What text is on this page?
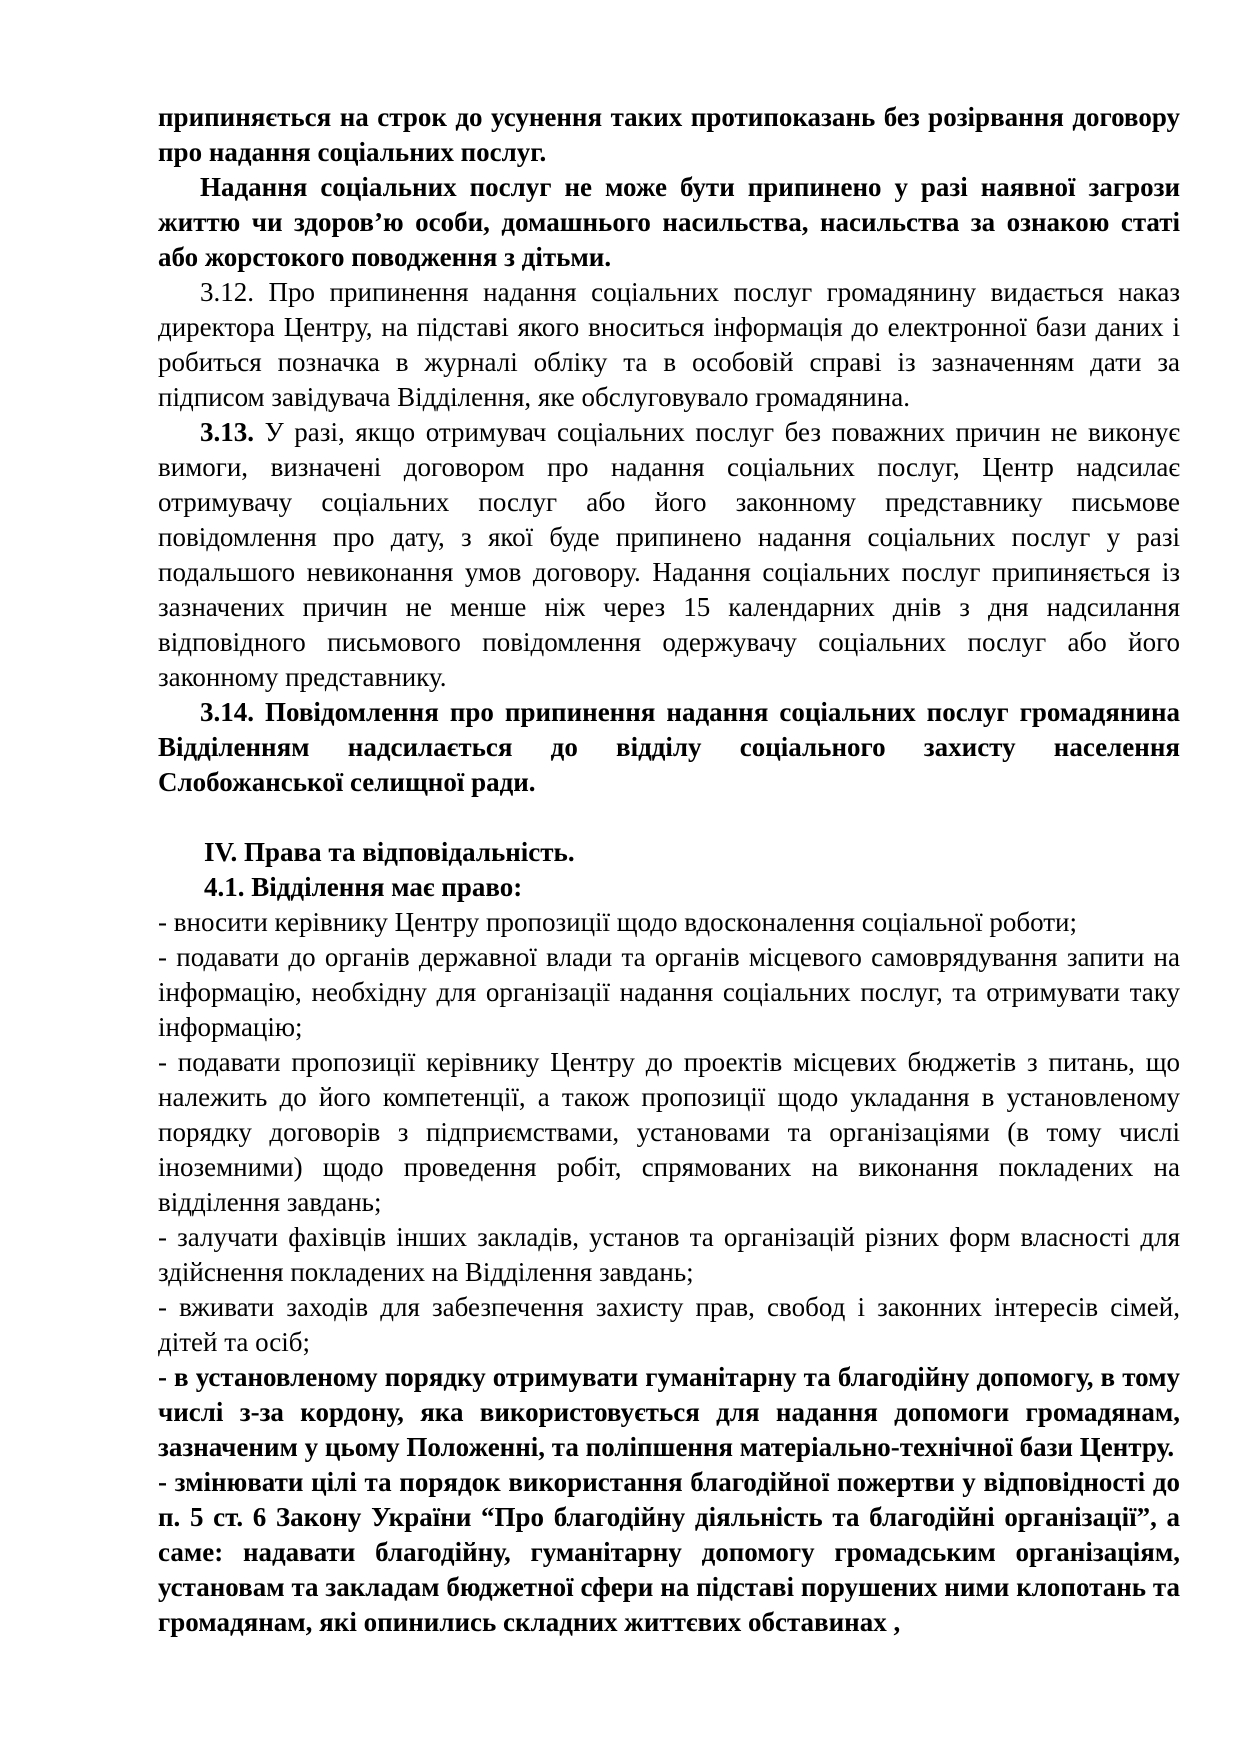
припиняється на строк до усунення таких протипоказань без розірвання договору про надання соціальних послуг.

Надання соціальних послуг не може бути припинено у разі наявної загрози життю чи здоров’ю особи, домашнього насильства, насильства за ознакою статі або жорстокого поводження з дітьми.

3.12. Про припинення надання соціальних послуг громадянину видається наказ директора Центру, на підставі якого вноситься інформація до електронної бази даних і робиться позначка в журналі обліку та в особовій справі із зазначенням дати за підписом завідувача Відділення, яке обслуговувало громадянина.

3.13. У разі, якщо отримувач соціальних послуг без поважних причин не виконує вимоги, визначені договором про надання соціальних послуг, Центр надсилає отримувачу соціальних послуг або його законному представнику письмове повідомлення про дату, з якої буде припинено надання соціальних послуг у разі подальшого невиконання умов договору. Надання соціальних послуг припиняється із зазначених причин не менше ніж через 15 календарних днів з дня надсилання відповідного письмового повідомлення одержувачу соціальних послуг або його законному представнику.

3.14. Повідомлення про припинення надання соціальних послуг громадянина Відділенням надсилається до відділу соціального захисту населення Слобожанської селищної ради.

IV. Права та відповідальність.

4.1. Відділення має право:

- вносити керівнику Центру пропозиції щодо вдосконалення соціальної роботи;

- подавати до органів державної влади та органів місцевого самоврядування запити на інформацію, необхідну для організації надання соціальних послуг, та отримувати таку інформацію;

- подавати пропозиції керівнику Центру до проектів місцевих бюджетів з питань, що належить до його компетенції, а також пропозиції щодо укладання в установленому порядку договорів з підприємствами, установами та організаціями (в тому числі іноземними) щодо проведення робіт, спрямованих на виконання покладених на відділення завдань;

- залучати фахівців інших закладів, установ та організацій різних форм власності для здійснення покладених на Відділення завдань;

- вживати заходів для забезпечення захисту прав, свобод і законних інтересів сімей, дітей та осіб;

- в установленому порядку отримувати гуманітарну та благодійну допомогу, в тому числі з-за кордону, яка використовується для надання допомоги громадянам, зазначеним у цьому Положенні, та поліпшення матеріально-технічної бази Центру.

- змінювати цілі та порядок використання благодійної пожертви у відповідності до п. 5 ст. 6 Закону України “Про благодійну діяльність та благодійні організації”, а саме: надавати благодійну, гуманітарну допомогу громадським організаціям, установам та закладам бюджетної сфери на підставі порушених ними клопотань та громадянам, які опинились складних життєвих обставинах ,
